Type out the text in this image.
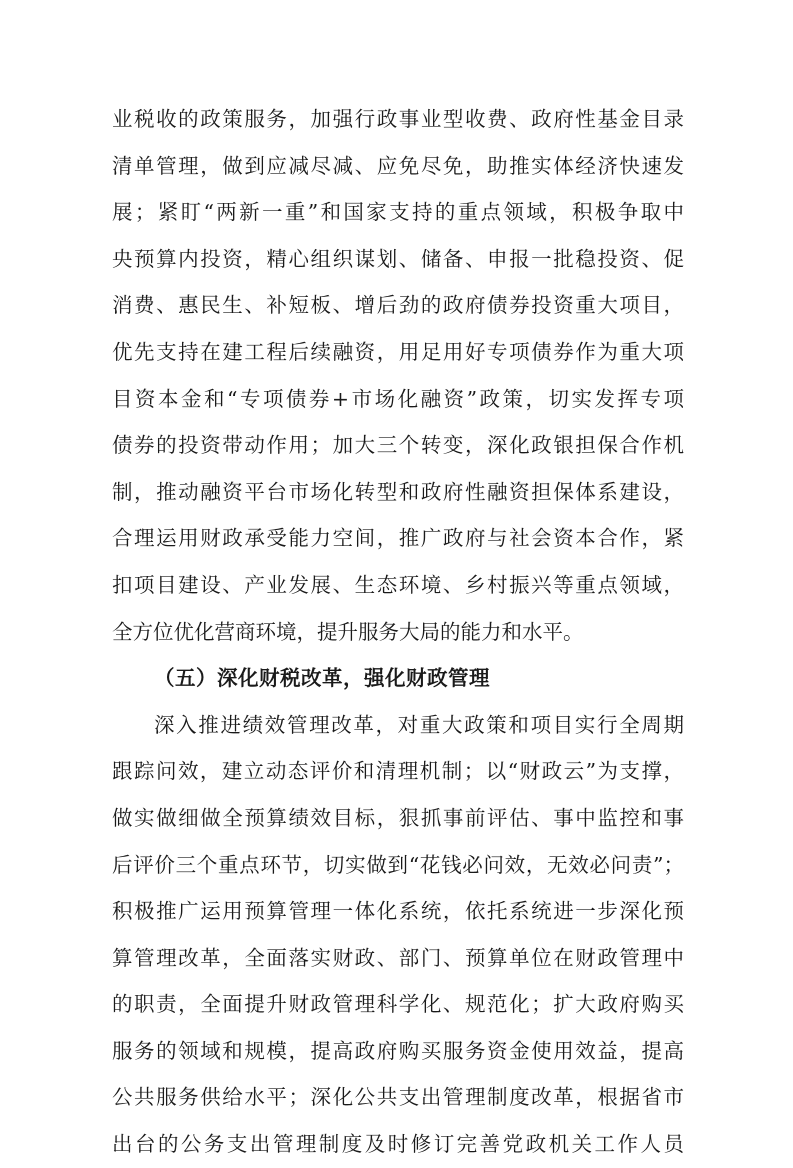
业税收的政策服务，加强行政事业型收费、政府性基金目录
清单管理，做到应减尽减、应免尽免，助推实体经济快速发
展；紧盯“两新一重”和国家支持的重点领域，积极争取中
央预算内投资，精心组织谋划、储备、申报一批稳投资、促
消费、惠民生、补短板、增后劲的政府债券投资重大项目，
优先支持在建工程后续融资，用足用好专项债券作为重大项
目资本金和“专项债券+市场化融资”政策，切实发挥专项
债券的投资带动作用；加大三个转变，深化政银担保合作机
制，推动融资平台市场化转型和政府性融资担保体系建设，
合理运用财政承受能力空间，推广政府与社会资本合作，紧
扣项目建设、产业发展、生态环境、乡村振兴等重点领域，
全方位优化营商环境，提升服务大局的能力和水平。
（五）深化财税改革，强化财政管理
深入推进绩效管理改革，对重大政策和项目实行全周期
跟踪问效，建立动态评价和清理机制；以“财政云”为支撑，
做实做细做全预算绩效目标，狠抓事前评估、事中监控和事
后评价三个重点环节，切实做到“花钱必问效，无效必问责”；
积极推广运用预算管理一体化系统，依托系统进一步深化预
算管理改革，全面落实财政、部门、预算单位在财政管理中
的职责，全面提升财政管理科学化、规范化；扩大政府购买
服务的领域和规模，提高政府购买服务资金使用效益，提高
公共服务供给水平；深化公共支出管理制度改革，根据省市
出台的公务支出管理制度及时修订完善党政机关工作人员
